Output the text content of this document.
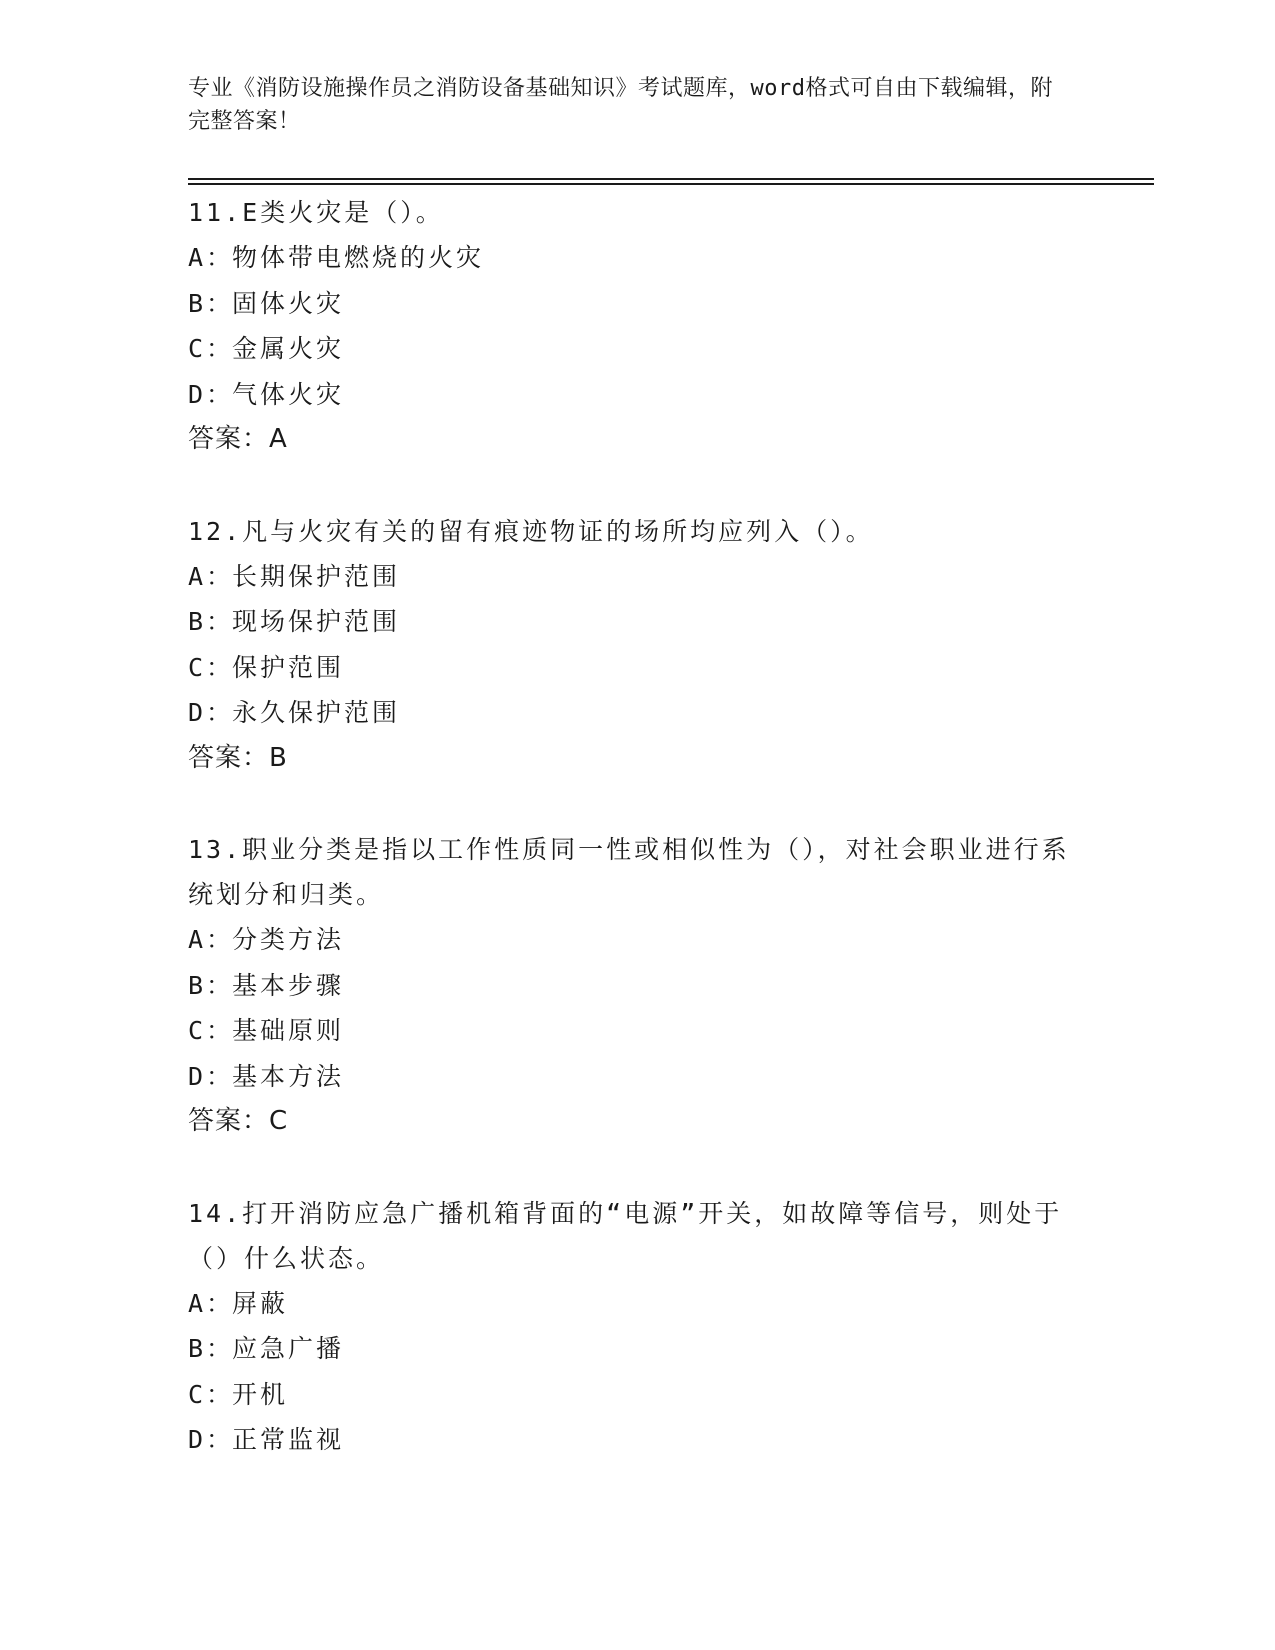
专业《消防设施操作员之消防设备基础知识》考试题库，word格式可自由下载编辑，附完整答案！
11.E类火灾是（）。
A：物体带电燃烧的火灾
B：固体火灾
C：金属火灾
D：气体火灾
答案：A
12.凡与火灾有关的留有痕迹物证的场所均应列入（）。
A：长期保护范围
B：现场保护范围
C：保护范围
D：永久保护范围
答案：B
13.职业分类是指以工作性质同一性或相似性为（），对社会职业进行系统划分和归类。
A：分类方法
B：基本步骤
C：基础原则
D：基本方法
答案：C
14.打开消防应急广播机箱背面的“电源”开关，如故障等信号，则处于（）什么状态。
A：屏蔽
B：应急广播
C：开机
D：正常监视
